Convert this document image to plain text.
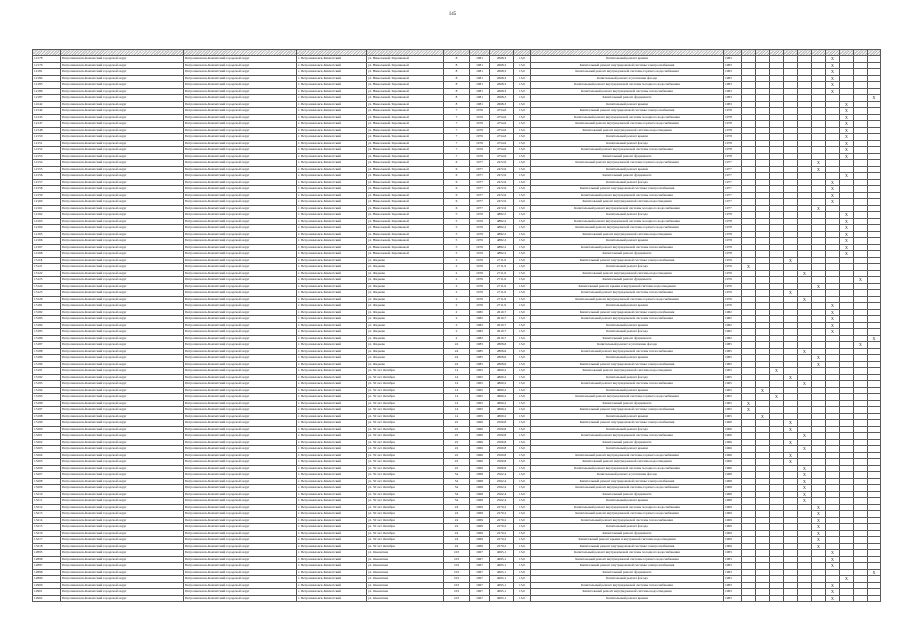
145

12178	Петропавловск-Камчатский городской округ	Петропавловск-Камчатский городской округ	г. Петропавловск-Камчатский	ул. Николаевой-Терешковой	8	1981	2668,3	15,0	Капитальный ремонт крыши	1983							X			
12179	Петропавловск-Камчатский городской округ	Петропавловск-Камчатский городской округ	г. Петропавловск-Камчатский	ул. Николаевой-Терешковой	8	1981	2668,3	15,0	Капитальный ремонт внутридомовой системы электроснабжения	1983							X			
12181	Петропавловск-Камчатский городской округ	Петропавловск-Камчатский городской округ	г. Петропавловск-Камчатский	ул. Николаевой-Терешковой	8	1981	2668,3	15,0	Капитальный ремонт внутридомовой системы горячего водоснабжения	1983							X			
12184	Петропавловск-Камчатский городской округ	Петропавловск-Камчатский городской округ	г. Петропавловск-Камчатский	ул. Николаевой-Терешковой	8	1981	2668,3	15,0	Капитальный ремонт и утепление фасада	1983							X			
12185	Петропавловск-Камчатский городской округ	Петропавловск-Камчатский городской округ	г. Петропавловск-Камчатский	ул. Николаевой-Терешковой	8	1981	2668,3	15,0	Капитальный ремонт внутридомовой системы холодного водоснабжения	1983							X			
12186	Петропавловск-Камчатский городской округ	Петропавловск-Камчатский городской округ	г. Петропавловск-Камчатский	ул. Николаевой-Терешковой	8	1981	2668,3	15,0	Капитальный ремонт внутридомовой системы теплоснабжения	1983							X			
12187	Петропавловск-Камчатский городской округ	Петропавловск-Камчатский городской округ	г. Петропавловск-Камчатский	ул. Николаевой-Терешковой	8	1981	2668,3	15,0	Капитальный ремонт фундамента	1983										X
12242	Петропавловск-Камчатский городской округ	Петропавловск-Камчатский городской округ	г. Петропавловск-Камчатский	ул. Николаевой-Терешковой	8	1981	2668,3	15,0	Капитальный ремонт крыши	1983								X		
12144	Петропавловск-Камчатский городской округ	Петропавловск-Камчатский городской округ	г. Петропавловск-Камчатский	ул. Николаевой-Терешковой	7	1976	4754,6	15,0	Капитальный ремонт внутридомовой системы электроснабжения	1978								X		
12145	Петропавловск-Камчатский городской округ	Петропавловск-Камчатский городской округ	г. Петропавловск-Камчатский	ул. Николаевой-Терешковой	7	1976	4754,6	15,0	Капитальный ремонт внутридомовой системы холодного водоснабжения	1978								X		
12147	Петропавловск-Камчатский городской округ	Петропавловск-Камчатский городской округ	г. Петропавловск-Камчатский	ул. Николаевой-Терешковой	7	1976	4754,6	15,0	Капитальный ремонт внутридомовой системы горячего водоснабжения	1978								X		
12148	Петропавловск-Камчатский городской округ	Петропавловск-Камчатский городской округ	г. Петропавловск-Камчатский	ул. Николаевой-Терешковой	7	1976	4754,6	15,0	Капитальный ремонт внутридомовой системы водоотведения	1978								X		
12150	Петропавловск-Камчатский городской округ	Петропавловск-Камчатский городской округ	г. Петропавловск-Камчатский	ул. Николаевой-Терешковой	7	1976	4754,6	15,0	Капитальный ремонт крыши	1978								X		
12151	Петропавловск-Камчатский городской округ	Петропавловск-Камчатский городской округ	г. Петропавловск-Камчатский	ул. Николаевой-Терешковой	7	1976	4754,6	15,0	Капитальный ремонт фасада	1978								X		
12152	Петропавловск-Камчатский городской округ	Петропавловск-Камчатский городской округ	г. Петропавловск-Камчатский	ул. Николаевой-Терешковой	7	1976	4754,6	15,0	Капитальный ремонт внутридомовой системы теплоснабжения	1978								X		
12153	Петропавловск-Камчатский городской округ	Петропавловск-Камчатский городской округ	г. Петропавловск-Камчатский	ул. Николаевой-Терешковой	7	1976	4754,6	15,0	Капитальный ремонт фундамента	1978								X		
12154	Петропавловск-Камчатский городской округ	Петропавловск-Камчатский городской округ	г. Петропавловск-Камчатский	ул. Николаевой-Терешковой	6	1977	2472,6	15,0	Капитальный ремонт внутридомовой системы горячего водоснабжения	1977						X				
12155	Петропавловск-Камчатский городской округ	Петропавловск-Камчатский городской округ	г. Петропавловск-Камчатский	ул. Николаевой-Терешковой	6	1977	2472,6	15,0	Капитальный ремонт крыши	1977						X				
12156	Петропавловск-Камчатский городской округ	Петропавловск-Камчатский городской округ	г. Петропавловск-Камчатский	ул. Николаевой-Терешковой	6	1977	2472,6	15,0	Капитальный ремонт фундамента	1977								X		
12157	Петропавловск-Камчатский городской округ	Петропавловск-Камчатский городской округ	г. Петропавловск-Камчатский	ул. Николаевой-Терешковой	6	1977	2472,6	15,0	Капитальный ремонт фасада	1977							X			
12158	Петропавловск-Камчатский городской округ	Петропавловск-Камчатский городской округ	г. Петропавловск-Камчатский	ул. Николаевой-Терешковой	6	1977	2472,6	15,0	Капитальный ремонт внутридомовой системы электроснабжения	1977							X			
12159	Петропавловск-Камчатский городской округ	Петропавловск-Камчатский городской округ	г. Петропавловск-Камчатский	ул. Николаевой-Терешковой	6	1977	2472,6	15,0	Капитальный ремонт внутридомовой системы теплоснабжения	1977							X			
12160	Петропавловск-Камчатский городской округ	Петропавловск-Камчатский городской округ	г. Петропавловск-Камчатский	ул. Николаевой-Терешковой	6	1977	2472,6	15,0	Капитальный ремонт внутридомовой системы водоотведения	1977							X			
12161	Петропавловск-Камчатский городской округ	Петропавловск-Камчатский городской округ	г. Петропавловск-Камчатский	ул. Николаевой-Терешковой	6	1977	2472,6	15,0	Капитальный ремонт внутридомовой системы холодного водоснабжения	1977						X				
12162	Петропавловск-Камчатский городской округ	Петропавловск-Камчатский городской округ	г. Петропавловск-Камчатский	ул. Николаевой-Терешковой	5	1976	4882,2	15,0	Капитальный ремонт фасада	1978								X		
12163	Петропавловск-Камчатский городской округ	Петропавловск-Камчатский городской округ	г. Петропавловск-Камчатский	ул. Николаевой-Терешковой	5	1976	4882,2	15,0	Капитальный ремонт внутридомовой системы холодного водоснабжения	1978								X		
12164	Петропавловск-Камчатский городской округ	Петропавловск-Камчатский городской округ	г. Петропавловск-Камчатский	ул. Николаевой-Терешковой	5	1976	4882,2	15,0	Капитальный ремонт внутридомовой системы горячего водоснабжения	1978								X		
12165	Петропавловск-Камчатский городской округ	Петропавловск-Камчатский городской округ	г. Петропавловск-Камчатский	ул. Николаевой-Терешковой	5	1976	4882,2	15,0	Капитальный ремонт внутридомовой системы водоотведения	1978								X		
12166	Петропавловск-Камчатский городской округ	Петропавловск-Камчатский городской округ	г. Петропавловск-Камчатский	ул. Николаевой-Терешковой	5	1976	4882,2	15,0	Капитальный ремонт крыши	1978								X		
12167	Петропавловск-Камчатский городской округ	Петропавловск-Камчатский городской округ	г. Петропавловск-Камчатский	ул. Николаевой-Терешковой	5	1976	4882,2	15,0	Капитальный ремонт внутридомовой системы теплоснабжения	1978								X		
12168	Петропавловск-Камчатский городской округ	Петропавловск-Камчатский городской округ	г. Петропавловск-Камчатский	ул. Николаевой-Терешковой	5	1976	4882,2	15,0	Капитальный ремонт фундамента	1978								X		
13118	Петропавловск-Камчатский городской округ	Петропавловск-Камчатский городской округ	г. Петропавловск-Камчатский	ул. Фадеева	2	1976	2711,9	15,0	Капитальный ремонт внутридомовой системы электроснабжения	1976				X						
13121	Петропавловск-Камчатский городской округ	Петропавловск-Камчатский городской округ	г. Петропавловск-Камчатский	ул. Фадеева	2	1976	2711,9	15,0	Капитальный ремонт фасада	1976	X									
13122	Петропавловск-Камчатский городской округ	Петропавловск-Камчатский городской округ	г. Петропавловск-Камчатский	ул. Фадеева	2	1976	2711,9	15,0	Капитальный ремонт внутридомовой системы водоотведения	1976					X					
13123	Петропавловск-Камчатский городской округ	Петропавловск-Камчатский городской округ	г. Петропавловск-Камчатский	ул. Фадеева	2	1976	2711,9	15,0	Капитальный ремонт фундамента	1976									X	
13124	Петропавловск-Камчатский городской округ	Петропавловск-Камчатский городской округ	г. Петропавловск-Камчатский	ул. Фадеева	2	1976	2711,9	15,0	Капитальный ремонт крыши и внутренней системы водоотведения	1976						X				
13125	Петропавловск-Камчатский городской округ	Петропавловск-Камчатский городской округ	г. Петропавловск-Камчатский	ул. Фадеева	2	1976	2711,9	15,0	Капитальный ремонт внутридомовой системы теплоснабжения	1976				X						
13126	Петропавловск-Камчатский городской округ	Петропавловск-Камчатский городской округ	г. Петропавловск-Камчатский	ул. Фадеева	2	1976	2711,9	15,0	Капитальный ремонт внутридомовой системы горячего водоснабжения	1976					X					
13181	Петропавловск-Камчатский городской округ	Петропавловск-Камчатский городской округ	г. Петропавловск-Камчатский	ул. Фадеева	2	1976	2711,9	15,0	Капитальный ремонт крыши	1976							X			
13182	Петропавловск-Камчатский городской округ	Петропавловск-Камчатский городской округ	г. Петропавловск-Камчатский	ул. Фадеева	2	1982	2610,7	15,0	Капитальный ремонт внутридомовой системы электроснабжения	1982							X			
13183	Петропавловск-Камчатский городской округ	Петропавловск-Камчатский городской округ	г. Петропавловск-Камчатский	ул. Фадеева	2	1982	2610,7	15,0	Капитальный ремонт внутридомовой системы теплоснабжения	1982							X			
13184	Петропавловск-Камчатский городской округ	Петропавловск-Камчатский городской округ	г. Петропавловск-Камчатский	ул. Фадеева	2	1982	2610,7	15,0	Капитальный ремонт крыши	1982							X			
13185	Петропавловск-Камчатский городской округ	Петропавловск-Камчатский городской округ	г. Петропавловск-Камчатский	ул. Фадеева	2	1982	2610,7	15,0	Капитальный ремонт фасада	1982							X			
13186	Петропавловск-Камчатский городской округ	Петропавловск-Камчатский городской округ	г. Петропавловск-Камчатский	ул. Фадеева	2	1982	2610,7	15,0	Капитальный ремонт фундамента	1982										X
13187	Петропавловск-Камчатский городской округ	Петропавловск-Камчатский городской округ	г. Петропавловск-Камчатский	ул. Фадеева	24	1985	2808,6	15,0	Капитальный ремонт и утепление фасада	1985									X	
13188	Петропавловск-Камчатский городской округ	Петропавловск-Камчатский городской округ	г. Петропавловск-Камчатский	ул. Фадеева	24	1985	2808,6	15,0	Капитальный ремонт внутридомовой системы теплоснабжения	1985					X					
13189	Петропавловск-Камчатский городской округ	Петропавловск-Камчатский городской округ	г. Петропавловск-Камчатский	ул. Фадеева	24	1985	2808,6	15,0	Капитальный ремонт крыши	1985						X				
13190	Петропавловск-Камчатский городской округ	Петропавловск-Камчатский городской округ	г. Петропавловск-Камчатский	ул. Фадеева	24	1985	2808,6	15,0	Капитальный ремонт внутридомовой системы электроснабжения	1985						X				
13191	Петропавловск-Камчатский городской округ	Петропавловск-Камчатский городской округ	г. Петропавловск-Камчатский	ул. 50 лет Октября	14	1965	4860,2	15,0	Капитальный ремонт внутридомовой системы водоотведения	1965			X							
13192	Петропавловск-Камчатский городской округ	Петропавловск-Камчатский городской округ	г. Петропавловск-Камчатский	ул. 50 лет Октября	14	1965	4860,2	15,0	Капитальный ремонт фасада	1965				X						
13193	Петропавловск-Камчатский городской округ	Петропавловск-Камчатский городской округ	г. Петропавловск-Камчатский	ул. 50 лет Октября	14	1965	4860,2	15,0	Капитальный ремонт внутридомовой системы теплоснабжения	1965					X					
13194	Петропавловск-Камчатский городской округ	Петропавловск-Камчатский городской округ	г. Петропавловск-Камчатский	ул. 50 лет Октября	14	1965	4860,2	15,0	Капитальный ремонт крыши	1965		X								
13195	Петропавловск-Камчатский городской округ	Петропавловск-Камчатский городской округ	г. Петропавловск-Камчатский	ул. 50 лет Октября	14	1965	4860,2	15,0	Капитальный ремонт внутридомовой системы горячего водоснабжения	1965			X							
13196	Петропавловск-Камчатский городской округ	Петропавловск-Камчатский городской округ	г. Петропавловск-Камчатский	ул. 50 лет Октября	14	1965	4860,2	15,0	Капитальный ремонт фундамента	1965	X									
13197	Петропавловск-Камчатский городской округ	Петропавловск-Камчатский городской округ	г. Петропавловск-Камчатский	ул. 50 лет Октября	14	1965	4860,2	15,0	Капитальный ремонт внутридомовой системы электроснабжения	1965	X									
13198	Петропавловск-Камчатский городской округ	Петропавловск-Камчатский городской округ	г. Петропавловск-Камчатский	ул. 50 лет Октября	14	1965	4860,2	15,0	Капитальный ремонт крыши	1965		X								
13199	Петропавловск-Камчатский городской округ	Петропавловск-Камчатский городской округ	г. Петропавловск-Камчатский	ул. 50 лет Октября	22	1966	2560,8	15,0	Капитальный ремонт внутридомовой системы электроснабжения	1966				X						
13200	Петропавловск-Камчатский городской округ	Петропавловск-Камчатский городской округ	г. Петропавловск-Камчатский	ул. 50 лет Октября	22	1966	2560,8	15,0	Капитальный ремонт фасада	1966				X						
13201	Петропавловск-Камчатский городской округ	Петропавловск-Камчатский городской округ	г. Петропавловск-Камчатский	ул. 50 лет Октября	22	1966	2560,8	15,0	Капитальный ремонт внутридомовой системы теплоснабжения	1966					X					
13202	Петропавловск-Камчатский городской округ	Петропавловск-Камчатский городской округ	г. Петропавловск-Камчатский	ул. 50 лет Октября	22	1966	2560,8	15,0	Капитальный ремонт фундамента	1966				X						
13203	Петропавловск-Камчатский городской округ	Петропавловск-Камчатский городской округ	г. Петропавловск-Камчатский	ул. 50 лет Октября	22	1966	2560,8	15,0	Капитальный ремонт крыши	1966					X					
13204	Петропавловск-Камчатский городской округ	Петропавловск-Камчатский городской округ	г. Петропавловск-Камчатский	ул. 50 лет Октября	22	1966	2560,8	15,0	Капитальный ремонт внутридомовой системы горячего водоснабжения	1966				X						
13205	Петропавловск-Камчатский городской округ	Петропавловск-Камчатский городской округ	г. Петропавловск-Камчатский	ул. 50 лет Октября	22	1966	2560,8	15,0	Капитальный ремонт внутридомовой системы водоотведения	1966				X						
13206	Петропавловск-Камчатский городской округ	Петропавловск-Камчатский городской округ	г. Петропавловск-Камчатский	ул. 50 лет Октября	22	1966	2560,8	15,0	Капитальный ремонт внутридомовой системы холодного водоснабжения	1966					X					
13207	Петропавловск-Камчатский городской округ	Петропавловск-Камчатский городской округ	г. Петропавловск-Камчатский	ул. 50 лет Октября	54	1968	2562,4	15,0	Капитальный ремонт и утепление фасада	1968					X					
13208	Петропавловск-Камчатский городской округ	Петропавловск-Камчатский городской округ	г. Петропавловск-Камчатский	ул. 50 лет Октября	54	1968	2562,4	15,0	Капитальный ремонт внутридомовой системы электроснабжения	1968					X					
13209	Петропавловск-Камчатский городской округ	Петропавловск-Камчатский городской округ	г. Петропавловск-Камчатский	ул. 50 лет Октября	54	1968	2562,4	15,0	Капитальный ремонт внутридомовой системы горячего водоснабжения	1968					X					
13210	Петропавловск-Камчатский городской округ	Петропавловск-Камчатский городской округ	г. Петропавловск-Камчатский	ул. 50 лет Октября	54	1968	2562,4	15,0	Капитальный ремонт фундамента	1968					X					
13211	Петропавловск-Камчатский городской округ	Петропавловск-Камчатский городской округ	г. Петропавловск-Камчатский	ул. 50 лет Октября	54	1968	2562,4	15,0	Капитальный ремонт крыши	1968					X					
13212	Петропавловск-Камчатский городской округ	Петропавловск-Камчатский городской округ	г. Петропавловск-Камчатский	ул. 50 лет Октября	24	1969	2270,2	15,0	Капитальный ремонт внутридомовой системы холодного водоснабжения	1969						X				
13213	Петропавловск-Камчатский городской округ	Петропавловск-Камчатский городской округ	г. Петропавловск-Камчатский	ул. 50 лет Октября	24	1969	2270,2	15,0	Капитальный ремонт внутридомовой системы горячего водоснабжения	1969						X				
13214	Петропавловск-Камчатский городской округ	Петропавловск-Камчатский городской округ	г. Петропавловск-Камчатский	ул. 50 лет Октября	24	1969	2270,2	15,0	Капитальный ремонт внутридомовой системы теплоснабжения	1969						X				
13215	Петропавловск-Камчатский городской округ	Петропавловск-Камчатский городской округ	г. Петропавловск-Камчатский	ул. 50 лет Октября	24	1969	2270,2	15,0	Капитальный ремонт фасада	1969						X				
13216	Петропавловск-Камчатский городской округ	Петропавловск-Камчатский городской округ	г. Петропавловск-Камчатский	ул. 50 лет Октября	24	1969	2270,2	15,0	Капитальный ремонт фундамента	1969						X				
13217	Петропавловск-Камчатский городской округ	Петропавловск-Камчатский городской округ	г. Петропавловск-Камчатский	ул. 50 лет Октября	24	1969	2270,2	15,0	Капитальный ремонт крыши и внутренней системы водоотведения	1969						X				
13218	Петропавловск-Камчатский городской округ	Петропавловск-Камчатский городской округ	г. Петропавловск-Камчатский	ул. 50 лет Октября	24	1969	2270,2	15,0	Капитальный ремонт внутридомовой системы электроснабжения	1969						X				
12895	Петропавловск-Камчатский городской округ	Петропавловск-Камчатский городской округ	г. Петропавловск-Камчатский	ул. Океанская	103	1967	4695,1	15,0	Капитальный ремонт внутридомовой системы холодного водоснабжения	1983							X			
12896	Петропавловск-Камчатский городской округ	Петропавловск-Камчатский городской округ	г. Петропавловск-Камчатский	ул. Океанская	103	1967	4695,1	15,0	Капитальный ремонт внутридомовой системы горячего водоснабжения	1983							X			
12897	Петропавловск-Камчатский городской округ	Петропавловск-Камчатский городской округ	г. Петропавловск-Камчатский	ул. Океанская	103	1967	4695,1	15,0	Капитальный ремонт внутридомовой системы электроснабжения	1983							X			
12898	Петропавловск-Камчатский городской округ	Петропавловск-Камчатский городской округ	г. Петропавловск-Камчатский	ул. Океанская	103	1967	4695,1	15,0	Капитальный ремонт фундамента	1983										X
12899	Петропавловск-Камчатский городской округ	Петропавловск-Камчатский городской округ	г. Петропавловск-Камчатский	ул. Океанская	103	1967	4695,1	15,0	Капитальный ремонт фасада	1983								X		
12900	Петропавловск-Камчатский городской округ	Петропавловск-Камчатский городской округ	г. Петропавловск-Камчатский	ул. Океанская	103	1967	4695,1	15,0	Капитальный ремонт внутридомовой системы теплоснабжения	1983							X			
12901	Петропавловск-Камчатский городской округ	Петропавловск-Камчатский городской округ	г. Петропавловск-Камчатский	ул. Океанская	103	1967	4695,1	15,0	Капитальный ремонт внутридомовой системы водоотведения	1983							X			
12902	Петропавловск-Камчатский городской округ	Петропавловск-Камчатский городской округ	г. Петропавловск-Камчатский	ул. Океанская	103	1967	4695,1	15,0	Капитальный ремонт крыши	1983							X			
